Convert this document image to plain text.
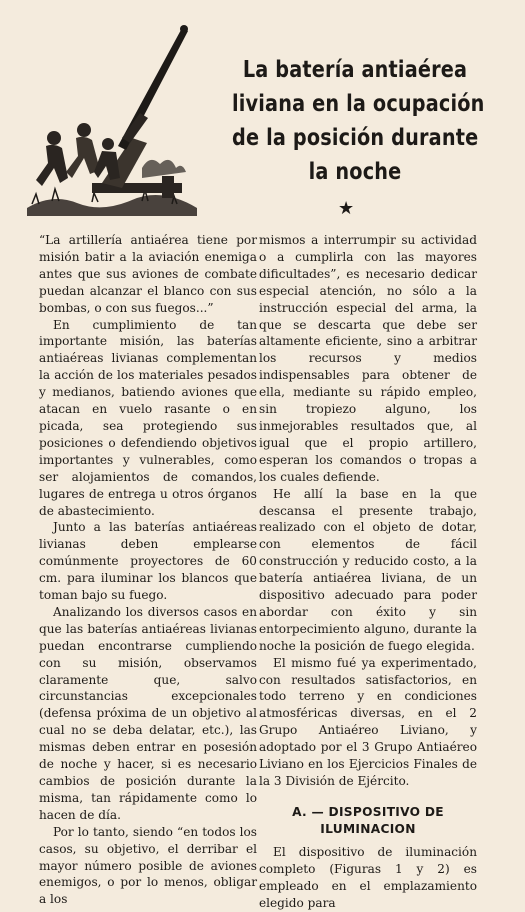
La batería antiaérea
liviana en la ocupación
de la posición durante
la noche
★

“La artillería antiaérea tiene por misión batir a la aviación enemiga antes que sus aviones de combate puedan alcanzar el blanco con sus bombas, o con sus fuegos...”

En cumplimiento de tan importante misión, las baterías antiaéreas livianas complementan la acción de los materiales pesados y medianos, batiendo aviones que atacan en vuelo rasante o en picada, sea protegiendo sus posiciones o defendiendo objetivos importantes y vulnerables, como ser alojamientos de comandos, lugares de entrega u otros órganos de abastecimiento.

Junto a las baterías antiaéreas livianas deben emplearse comúnmente proyectores de 60 cm. para iluminar los blancos que toman bajo su fuego.

Analizando los diversos casos en que las baterías antiaéreas livianas puedan encontrarse cumpliendo con su misión, observamos claramente que, salvo circunstancias excepcionales (defensa próxima de un objetivo al cual no se deba delatar, etc.), las mismas deben entrar en posesión de noche y hacer, si es necesario cambios de posición durante la misma, tan rápidamente como lo hacen de día.

Por lo tanto, siendo “en todos los casos, su objetivo, el derribar el mayor número posible de aviones enemigos, o por lo menos, obligar a los

mismos a interrumpir su actividad o a cumplirla con las mayores dificultades”, es necesario dedicar especial atención, no sólo a la instrucción especial del arma, la que se descarta que debe ser altamente eficiente, sino a arbitrar los recursos y medios indispensables para obtener de ella, mediante su rápido empleo, sin tropiezo alguno, los inmejorables resultados que, al igual que el propio artillero, esperan los comandos o tropas a los cuales defiende.

He allí la base en la que descansa el presente trabajo, realizado con el objeto de dotar, con elementos de fácil construcción y reducido costo, a la batería antiaérea liviana, de un dispositivo adecuado para poder abordar con éxito y sin entorpecimiento alguno, durante la noche la posición de fuego elegida.

El mismo fué ya experimentado, con resultados satisfactorios, en todo terreno y en condiciones atmosféricas diversas, en el 2 Grupo Antiaéreo Liviano, y adoptado por el 3 Grupo Antiaéreo Liviano en los Ejercicios Finales de la 3 División de Ejército.

A. — DISPOSITIVO DE ILUMINACION

El dispositivo de iluminación completo (Figuras 1 y 2) es empleado en el emplazamiento elegido para
